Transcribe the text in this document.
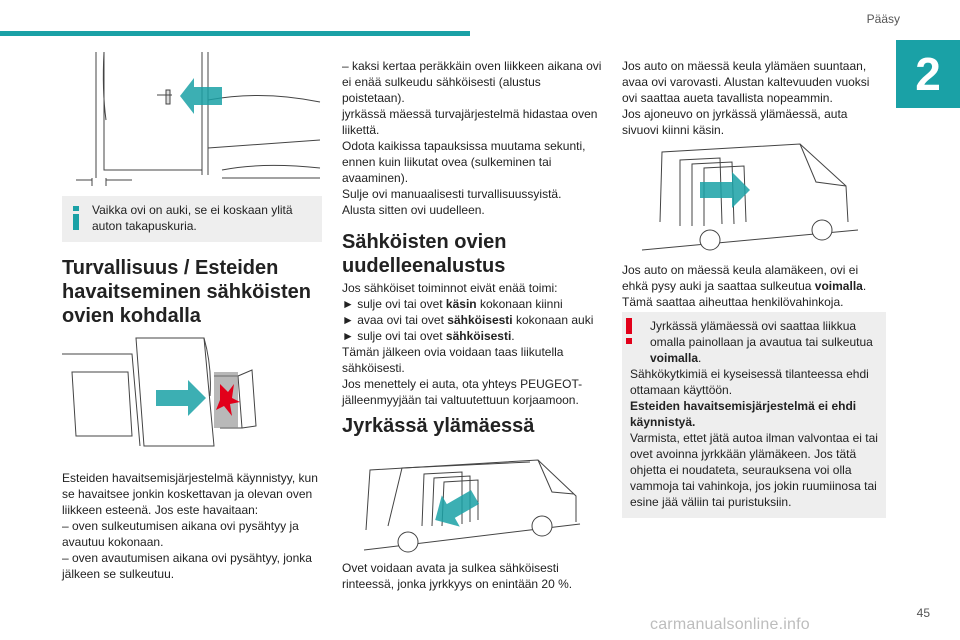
Pääsy
2
Vaikka ovi on auki, se ei koskaan ylitä auton takapuskuria.
Turvallisuus / Esteiden havaitseminen sähköisten ovien kohdalla

Esteiden havaitsemisjärjestelmä käynnistyy, kun se havaitsee jonkin koskettavan ja olevan oven liikkeen esteenä. Jos este havaitaan:

– oven sulkeutumisen aikana ovi pysähtyy ja avautuu kokonaan.

– oven avautumisen aikana ovi pysähtyy, jonka jälkeen se sulkeutuu.

– kaksi kertaa peräkkäin oven liikkeen aikana ovi ei enää sulkeudu sähköisesti (alustus poistetaan).

jyrkässä mäessä turvajärjestelmä hidastaa oven liikettä.

Odota kaikissa tapauksissa muutama sekunti, ennen kuin liikutat ovea (sulkeminen tai avaaminen).

Sulje ovi manuaalisesti turvallisuussyistä.

Alusta sitten ovi uudelleen.

Sähköisten ovien uudelleenalustus

Jos sähköiset toiminnot eivät enää toimi:

► sulje ovi tai ovet käsin kokonaan kiinni

► avaa ovi tai ovet sähköisesti kokonaan auki

► sulje ovi tai ovet sähköisesti.

Tämän jälkeen ovia voidaan taas liikutella sähköisesti.

Jos menettely ei auta, ota yhteys PEUGEOT-jälleenmyyjään tai valtuutettuun korjaamoon.

Jyrkässä ylämäessä

Ovet voidaan avata ja sulkea sähköisesti rinteessä, jonka jyrkkyys on enintään 20 %.

Jos auto on mäessä keula ylämäen suuntaan, avaa ovi varovasti. Alustan kaltevuuden vuoksi ovi saattaa aueta tavallista nopeammin.

Jos ajoneuvo on jyrkässä ylämäessä, auta sivuovi kiinni käsin.

Jos auto on mäessä keula alamäkeen, ovi ei ehkä pysy auki ja saattaa sulkeutua voimalla. Tämä saattaa aiheuttaa henkilövahinkoja.

Jyrkässä ylämäessä ovi saattaa liikkua omalla painollaan ja avautua tai sulkeutua voimalla.

Sähkökytkimiä ei kyseisessä tilanteessa ehdi ottamaan käyttöön.

Esteiden havaitsemisjärjestelmä ei ehdi käynnistyä.

Varmista, ettet jätä autoa ilman valvontaa ei tai ovet avoinna jyrkkään ylämäkeen. Jos tätä ohjetta ei noudateta, seurauksena voi olla vammoja tai vahinkoja, jos jokin ruumiinosa tai esine jää väliin tai puristuksiin.

45
carmanualsonline.info
